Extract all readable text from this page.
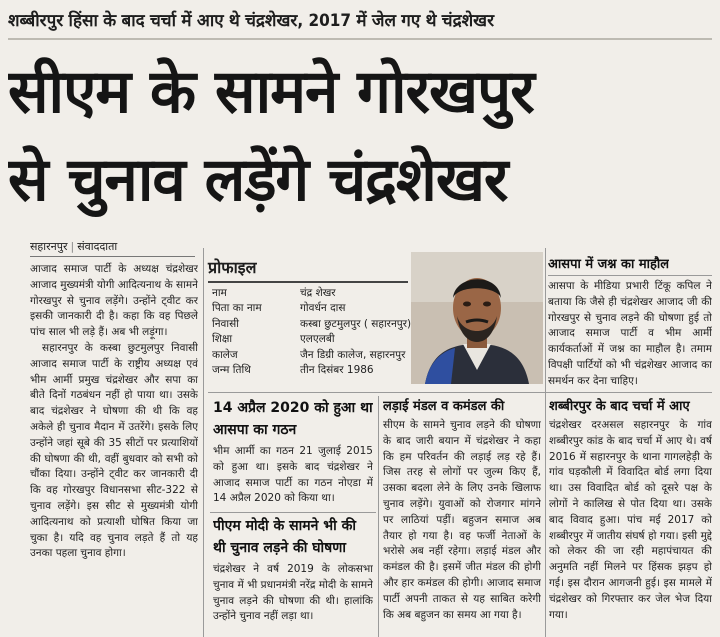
शब्बीरपुर हिंसा के बाद चर्चा में आए थे चंद्रशेखर, 2017 में जेल गए थे चंद्रशेखर
सीएम के सामने गोरखपुर
से चुनाव लड़ेंगे चंद्रशेखर
सहारनपुर | संवाददाता

आजाद समाज पार्टी के अध्यक्ष चंद्रशेखर आजाद मुख्यमंत्री योगी आदित्यनाथ के सामने गोरखपुर से चुनाव लड़ेंगे। उन्होंने ट्वीट कर इसकी जानकारी दी है। कहा कि वह पिछले पांच साल भी लड़े हैं। अब भी लड़ूंगा।

सहारनपुर के कस्बा छुटमुलपुर निवासी आजाद समाज पार्टी के राष्ट्रीय अध्यक्ष एवं भीम आर्मी प्रमुख चंद्रशेखर और सपा का बीते दिनों गठबंधन नहीं हो पाया था। उसके बाद चंद्रशेखर ने घोषणा की थी कि वह अकेले ही चुनाव मैदान में उतरेंगे। इसके लिए उन्होंने जहां सूबे की 35 सीटों पर प्रत्याशियों की घोषणा की थी, वहीं बुधवार को सभी को चौंका दिया। उन्होंने ट्वीट कर जानकारी दी कि वह गोरखपुर विधानसभा सीट-322 से चुनाव लड़ेंगे। इस सीट से मुख्यमंत्री योगी आदित्यनाथ को प्रत्याशी घोषित किया जा चुका है। यदि वह चुनाव लड़ते हैं तो यह उनका पहला चुनाव होगा।

प्रोफाइल
नाम	चंद्र शेखर
पिता का नाम	गोवर्धन दास
निवासी	कस्बा छुटमुलपुर ( सहारनपुर)
शिक्षा	एलएलबी
कालेज	जैन डिग्री कालेज, सहारनपुर
जन्म तिथि	तीन दिसंबर 1986
आसपा में जश्न का माहौल

आसपा के मीडिया प्रभारी टिंकू कपिल ने बताया कि जैसे ही चंद्रशेखर आजाद जी की गोरखपुर से चुनाव लड़ने की घोषणा हुई तो आजाद समाज पार्टी व भीम आर्मी कार्यकर्ताओं में जश्न का माहौल है। तमाम विपक्षी पार्टियों को भी चंद्रशेखर आजाद का समर्थन कर देना चाहिए।

14 अप्रैल 2020 को हुआ था
आसपा का गठन

भीम आर्मी का गठन 21 जुलाई 2015 को हुआ था। इसके बाद चंद्रशेखर ने आजाद समाज पार्टी का गठन नोएडा में 14 अप्रैल 2020 को किया था।

पीएम मोदी के सामने भी की
थी चुनाव लड़ने की घोषणा

चंद्रशेखर ने वर्ष 2019 के लोकसभा चुनाव में भी प्रधानमंत्री नरेंद्र मोदी के सामने चुनाव लड़ने की घोषणा की थी। हालांकि उन्होंने चुनाव नहीं लड़ा था।

लड़ाई मंडल व कमंडल की

सीएम के सामने चुनाव लड़ने की घोषणा के बाद जारी बयान में चंद्रशेखर ने कहा कि हम परिवर्तन की लड़ाई लड़ रहे हैं। जिस तरह से लोगों पर जुल्म किए हैं, उसका बदला लेने के लिए उनके खिलाफ चुनाव लड़ेंगे। युवाओं को रोजगार मांगने पर लाठियां पड़ीं। बहुजन समाज अब तैयार हो गया है। वह फर्जी नेताओं के भरोसे अब नहीं रहेगा। लड़ाई मंडल और कमंडल की है। इसमें जीत मंडल की होगी और हार कमंडल की होगी। आजाद समाज पार्टी अपनी ताकत से यह साबित करेगी कि अब बहुजन का समय आ गया है।

शब्बीरपुर के बाद चर्चा में आए

चंद्रशेखर दरअसल सहारनपुर के गांव शब्बीरपुर कांड के बाद चर्चा में आए थे। वर्ष 2016 में सहारनपुर के थाना गागलहेड़ी के गांव घड़कौली में विवादित बोर्ड लगा दिया था। उस विवादित बोर्ड को दूसरे पक्ष के लोगों ने कालिख से पोत दिया था। उसके बाद विवाद हुआ। पांच मई 2017 को शब्बीरपुर में जातीय संघर्ष हो गया। इसी मुद्दे को लेकर की जा रही महापंचायत की अनुमति नहीं मिलने पर हिंसक झड़प हो गई। इस दौरान आगजनी हुई। इस मामले में चंद्रशेखर को गिरफ्तार कर जेल भेज दिया गया।
